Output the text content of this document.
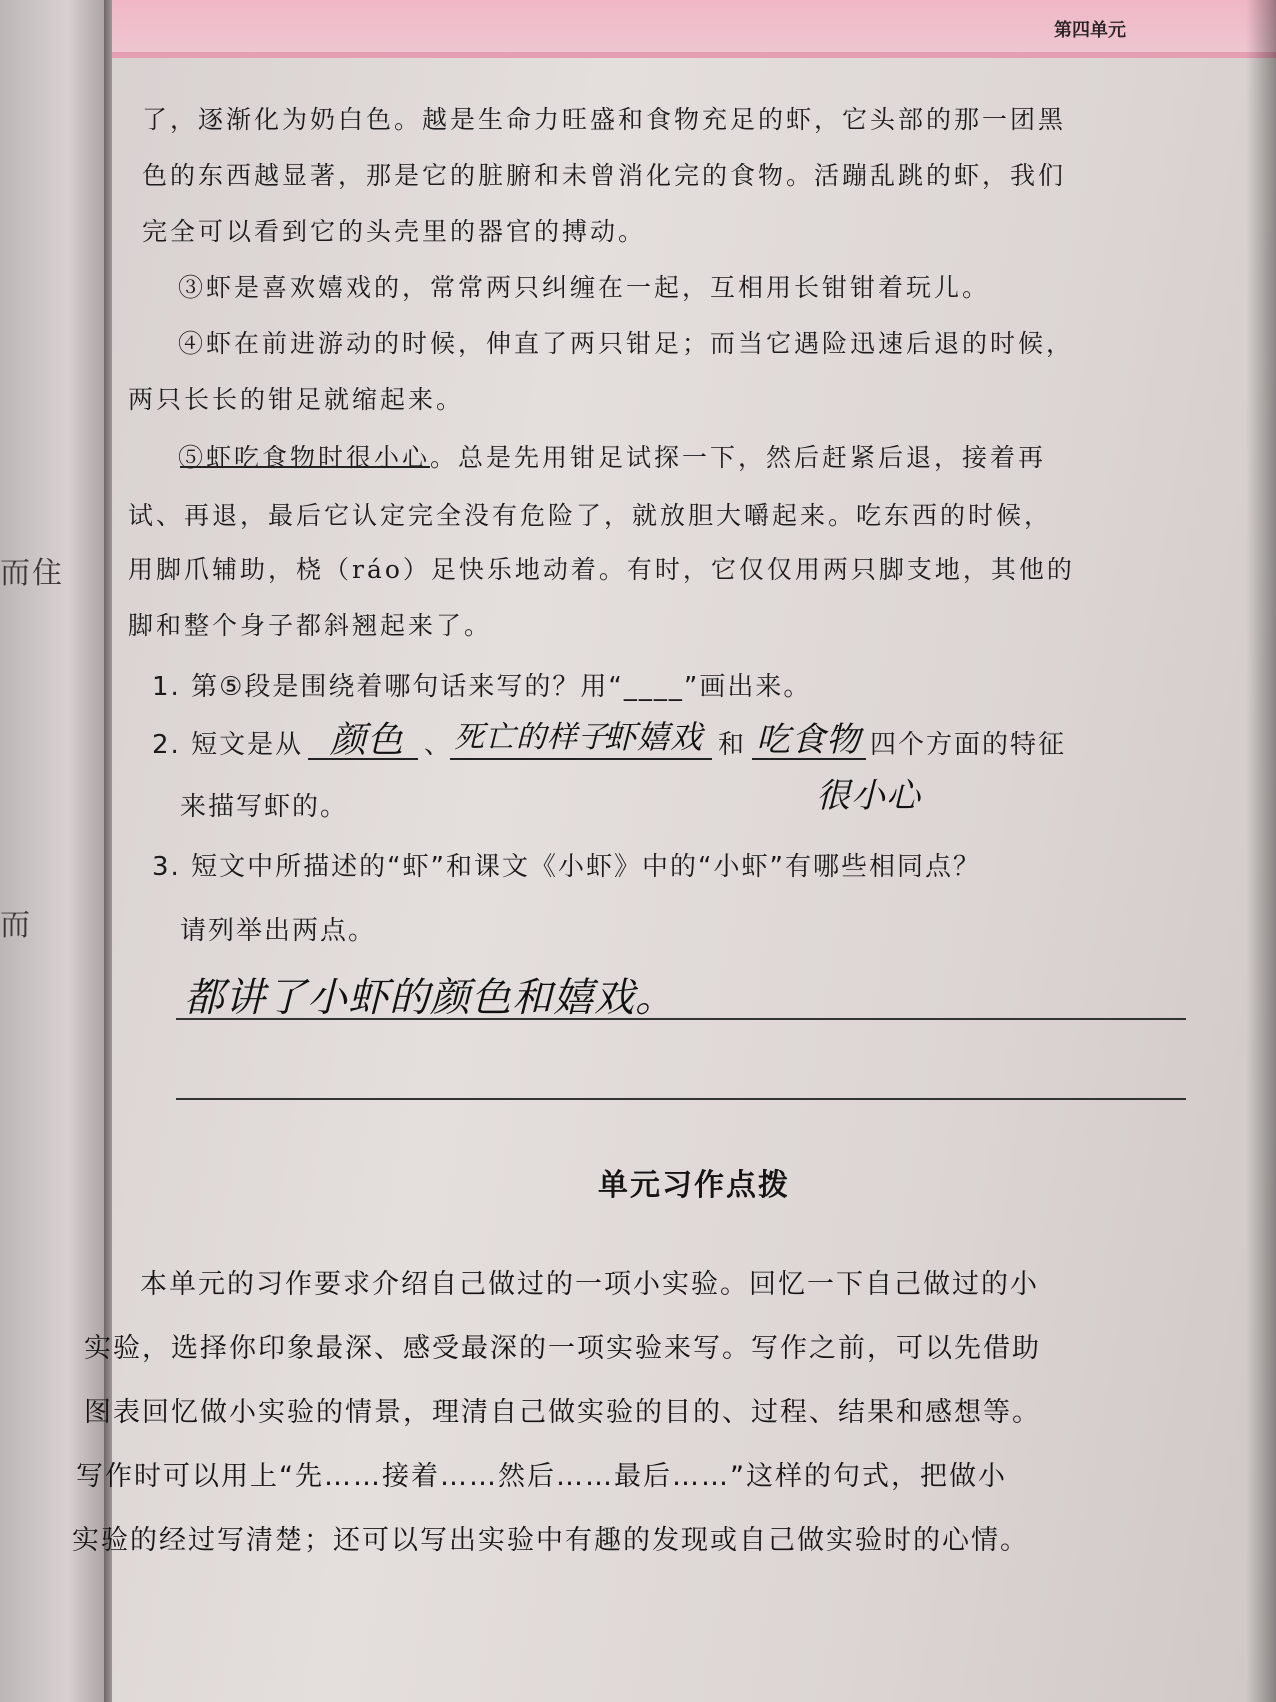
而住
而
第四单元
了，逐渐化为奶白色。越是生命力旺盛和食物充足的虾，它头部的那一团黑
色的东西越显著，那是它的脏腑和未曾消化完的食物。活蹦乱跳的虾，我们
完全可以看到它的头壳里的器官的搏动。
③虾是喜欢嬉戏的，常常两只纠缠在一起，互相用长钳钳着玩儿。
④虾在前进游动的时候，伸直了两只钳足；而当它遇险迅速后退的时候，
两只长长的钳足就缩起来。
⑤虾吃食物时很小心。总是先用钳足试探一下，然后赶紧后退，接着再
试、再退，最后它认定完全没有危险了，就放胆大嚼起来。吃东西的时候，
用脚爪辅助，桡（ráo）足快乐地动着。有时，它仅仅用两只脚支地，其他的
脚和整个身子都斜翘起来了。
1. 第⑤段是围绕着哪句话来写的？用“____”画出来。
2. 短文是从 颜色 、 死亡的样子
虾嬉戏 和 吃食物 四个方面的特征
很小心
来描写虾的。
3. 短文中所描述的“虾”和课文《小虾》中的“小虾”有哪些相同点？
请列举出两点。
都讲了小虾的颜色和嬉戏。
单元习作点拨
本单元的习作要求介绍自己做过的一项小实验。回忆一下自己做过的小
实验，选择你印象最深、感受最深的一项实验来写。写作之前，可以先借助
图表回忆做小实验的情景，理清自己做实验的目的、过程、结果和感想等。
写作时可以用上“先……接着……然后……最后……”这样的句式，把做小
实验的经过写清楚；还可以写出实验中有趣的发现或自己做实验时的心情。
